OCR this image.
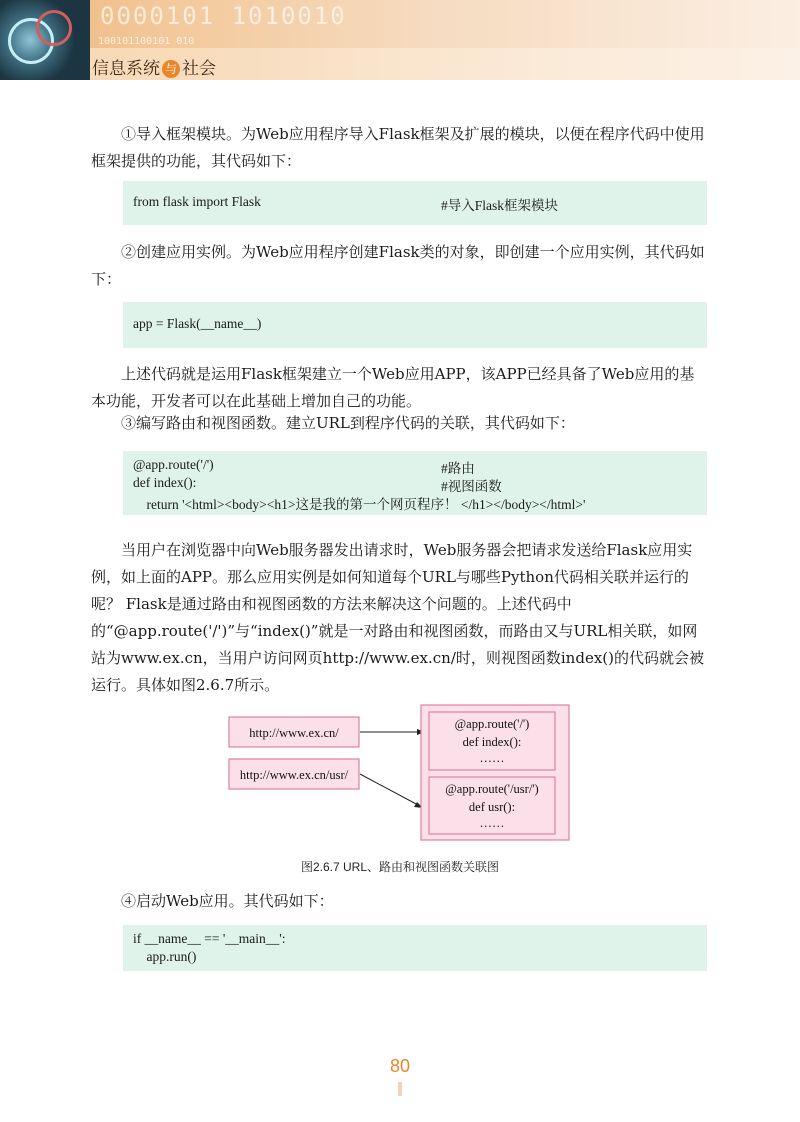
0000101 1010010
100101100101 010
信息系统 与 社会

①导入框架模块。为Web应用程序导入Flask框架及扩展的模块，以便在程序代码中使用框架提供的功能，其代码如下：

from flask import Flask	#导入Flask框架模块

②创建应用实例。为Web应用程序创建Flask类的对象，即创建一个应用实例，其代码如下：

app = Flask(__name__)

上述代码就是运用Flask框架建立一个Web应用APP，该APP已经具备了Web应用的基本功能，开发者可以在此基础上增加自己的功能。

③编写路由和视图函数。建立URL到程序代码的关联，其代码如下：

@app.route('/')	#路由
def index():	#视图函数
return '<html><body><h1>这是我的第一个网页程序！ </h1></body></html>'

当用户在浏览器中向Web服务器发出请求时，Web服务器会把请求发送给Flask应用实例，如上面的APP。那么应用实例是如何知道每个URL与哪些Python代码相关联并运行的呢？ Flask是通过路由和视图函数的方法来解决这个问题的。上述代码中的“@app.route('/')”与“index()”就是一对路由和视图函数，而路由又与URL相关联，如网站为www.ex.cn，当用户访问网页http://www.ex.cn/时，则视图函数index()的代码就会被运行。具体如图2.6.7所示。

http://www.ex.cn/
http://www.ex.cn/usr/
@app.route('/')
def index():
……
@app.route('/usr/')
def usr():
……
图2.6.7 URL、路由和视图函数关联图

④启动Web应用。其代码如下：

if __name__ == '__main__':
app.run()
80
